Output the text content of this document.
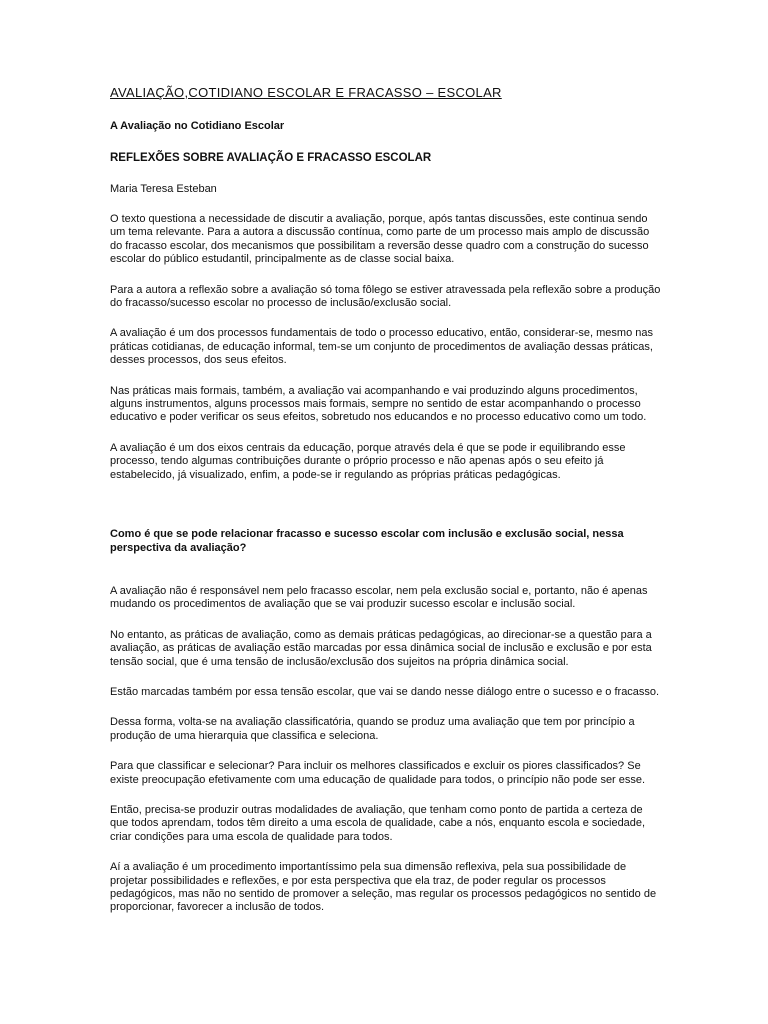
AVALIAÇÃO,COTIDIANO ESCOLAR E FRACASSO – ESCOLAR

A Avaliação no Cotidiano Escolar

REFLEXÕES SOBRE AVALIAÇÃO E FRACASSO ESCOLAR

Maria Teresa Esteban

O texto questiona a necessidade de discutir a avaliação, porque, após tantas discussões, este continua sendo um tema relevante. Para a autora a discussão contínua, como parte de um processo mais amplo de discussão do fracasso escolar, dos mecanismos que possibilitam a reversão desse quadro com a construção do sucesso escolar do público estudantil, principalmente as de classe social baixa.

Para a autora a reflexão sobre a avaliação só toma fôlego se estiver atravessada pela reflexão sobre a produção do fracasso/sucesso escolar no processo de inclusão/exclusão social.

A avaliação é um dos processos fundamentais de todo o processo educativo, então, considerar-se, mesmo nas práticas cotidianas, de educação informal, tem-se um conjunto de procedimentos de avaliação dessas práticas, desses processos, dos seus efeitos.

Nas práticas mais formais, também, a avaliação vai acompanhando e vai produzindo alguns procedimentos, alguns instrumentos, alguns processos mais formais, sempre no sentido de estar acompanhando o processo educativo e poder verificar os seus efeitos, sobretudo nos educandos e no processo educativo como um todo.

A avaliação é um dos eixos centrais da educação, porque através dela é que se pode ir equilibrando esse processo, tendo algumas contribuições durante o próprio processo e não apenas após o seu efeito já estabelecido, já visualizado, enfim, a pode-se ir regulando as próprias práticas pedagógicas.

Como é que se pode relacionar fracasso e sucesso escolar com inclusão e exclusão social, nessa perspectiva da avaliação?

A avaliação não é responsável nem pelo fracasso escolar, nem pela exclusão social e, portanto, não é apenas mudando os procedimentos de avaliação que se vai produzir sucesso escolar e inclusão social.

No entanto, as práticas de avaliação, como as demais práticas pedagógicas, ao direcionar-se a questão para a avaliação, as práticas de avaliação estão marcadas por essa dinâmica social de inclusão e exclusão e por esta tensão social, que é uma tensão de inclusão/exclusão dos sujeitos na própria dinâmica social.

Estão marcadas também por essa tensão escolar, que vai se dando nesse diálogo entre o sucesso e o fracasso.

Dessa forma, volta-se na avaliação classificatória, quando se produz uma avaliação que tem por princípio a produção de uma hierarquia que classifica e seleciona.

Para que classificar e selecionar? Para incluir os melhores classificados e excluir os piores classificados? Se existe preocupação efetivamente com uma educação de qualidade para todos, o princípio não pode ser esse.

Então, precisa-se produzir outras modalidades de avaliação, que tenham como ponto de partida a certeza de que todos aprendam, todos têm direito a uma escola de qualidade, cabe a nós, enquanto escola e sociedade, criar condições para uma escola de qualidade para todos.

Aí a avaliação é um procedimento importantíssimo pela sua dimensão reflexiva, pela sua possibilidade de projetar possibilidades e reflexões, e por esta perspectiva que ela traz, de poder regular os processos pedagógicos, mas não no sentido de promover a seleção, mas regular os processos pedagógicos no sentido de proporcionar, favorecer a inclusão de todos.
